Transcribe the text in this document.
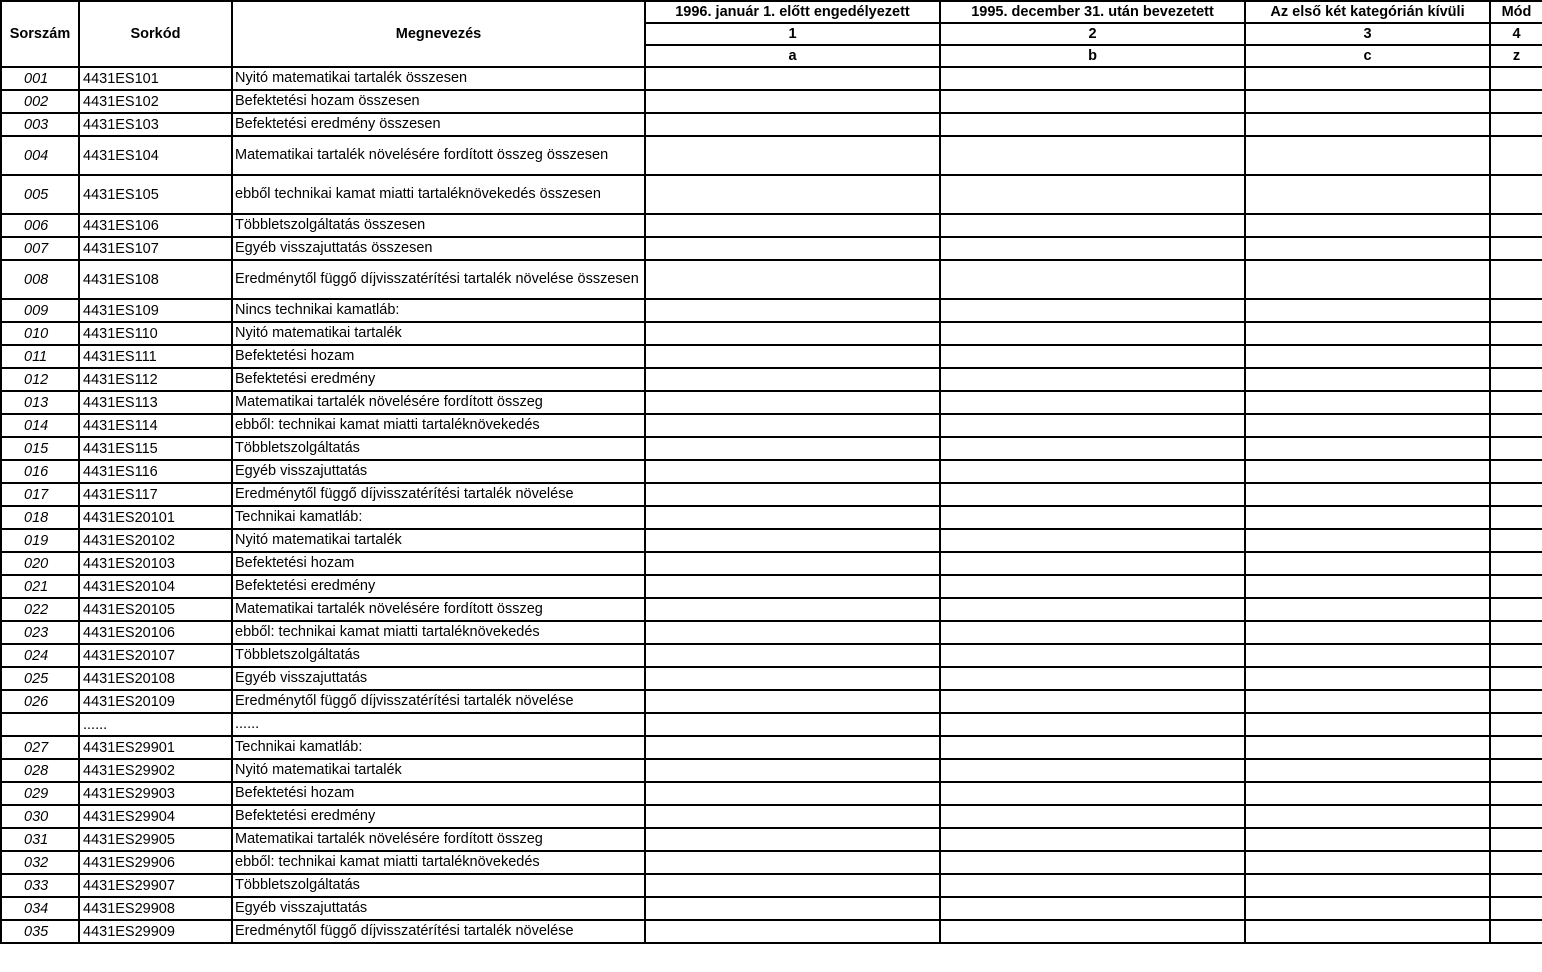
Sorszám	Sorkód	Megnevezés	1996. január 1. előtt engedélyezett	1995. december 31. után bevezetett	Az első két kategórián kívüli	Mód
			1	2	3	4
			a	b	c	z
001	4431ES101	Nyitó matematikai tartalék összesen				
002	4431ES102	Befektetési hozam összesen				
003	4431ES103	Befektetési eredmény összesen				
004	4431ES104	Matematikai tartalék növelésére fordított összeg összesen				
005	4431ES105	ebből technikai kamat miatti tartaléknövekedés összesen				
006	4431ES106	Többletszolgáltatás összesen				
007	4431ES107	Egyéb visszajuttatás összesen				
008	4431ES108	Eredménytől függő díjvisszatérítési tartalék növelése összesen				
009	4431ES109	Nincs technikai kamatláb:				
010	4431ES110	Nyitó matematikai tartalék				
011	4431ES111	Befektetési hozam				
012	4431ES112	Befektetési eredmény				
013	4431ES113	Matematikai tartalék növelésére fordított összeg				
014	4431ES114	ebből: technikai kamat miatti tartaléknövekedés				
015	4431ES115	Többletszolgáltatás				
016	4431ES116	Egyéb visszajuttatás				
017	4431ES117	Eredménytől függő díjvisszatérítési tartalék növelése				
018	4431ES20101	Technikai kamatláb:				
019	4431ES20102	Nyitó matematikai tartalék				
020	4431ES20103	Befektetési hozam				
021	4431ES20104	Befektetési eredmény				
022	4431ES20105	Matematikai tartalék növelésére fordított összeg				
023	4431ES20106	ebből: technikai kamat miatti tartaléknövekedés				
024	4431ES20107	Többletszolgáltatás				
025	4431ES20108	Egyéb visszajuttatás				
026	4431ES20109	Eredménytől függő díjvisszatérítési tartalék növelése				
	......	......				
027	4431ES29901	Technikai kamatláb:				
028	4431ES29902	Nyitó matematikai tartalék				
029	4431ES29903	Befektetési hozam				
030	4431ES29904	Befektetési eredmény				
031	4431ES29905	Matematikai tartalék növelésére fordított összeg				
032	4431ES29906	ebből: technikai kamat miatti tartaléknövekedés				
033	4431ES29907	Többletszolgáltatás				
034	4431ES29908	Egyéb visszajuttatás				
035	4431ES29909	Eredménytől függő díjvisszatérítési tartalék növelése				
